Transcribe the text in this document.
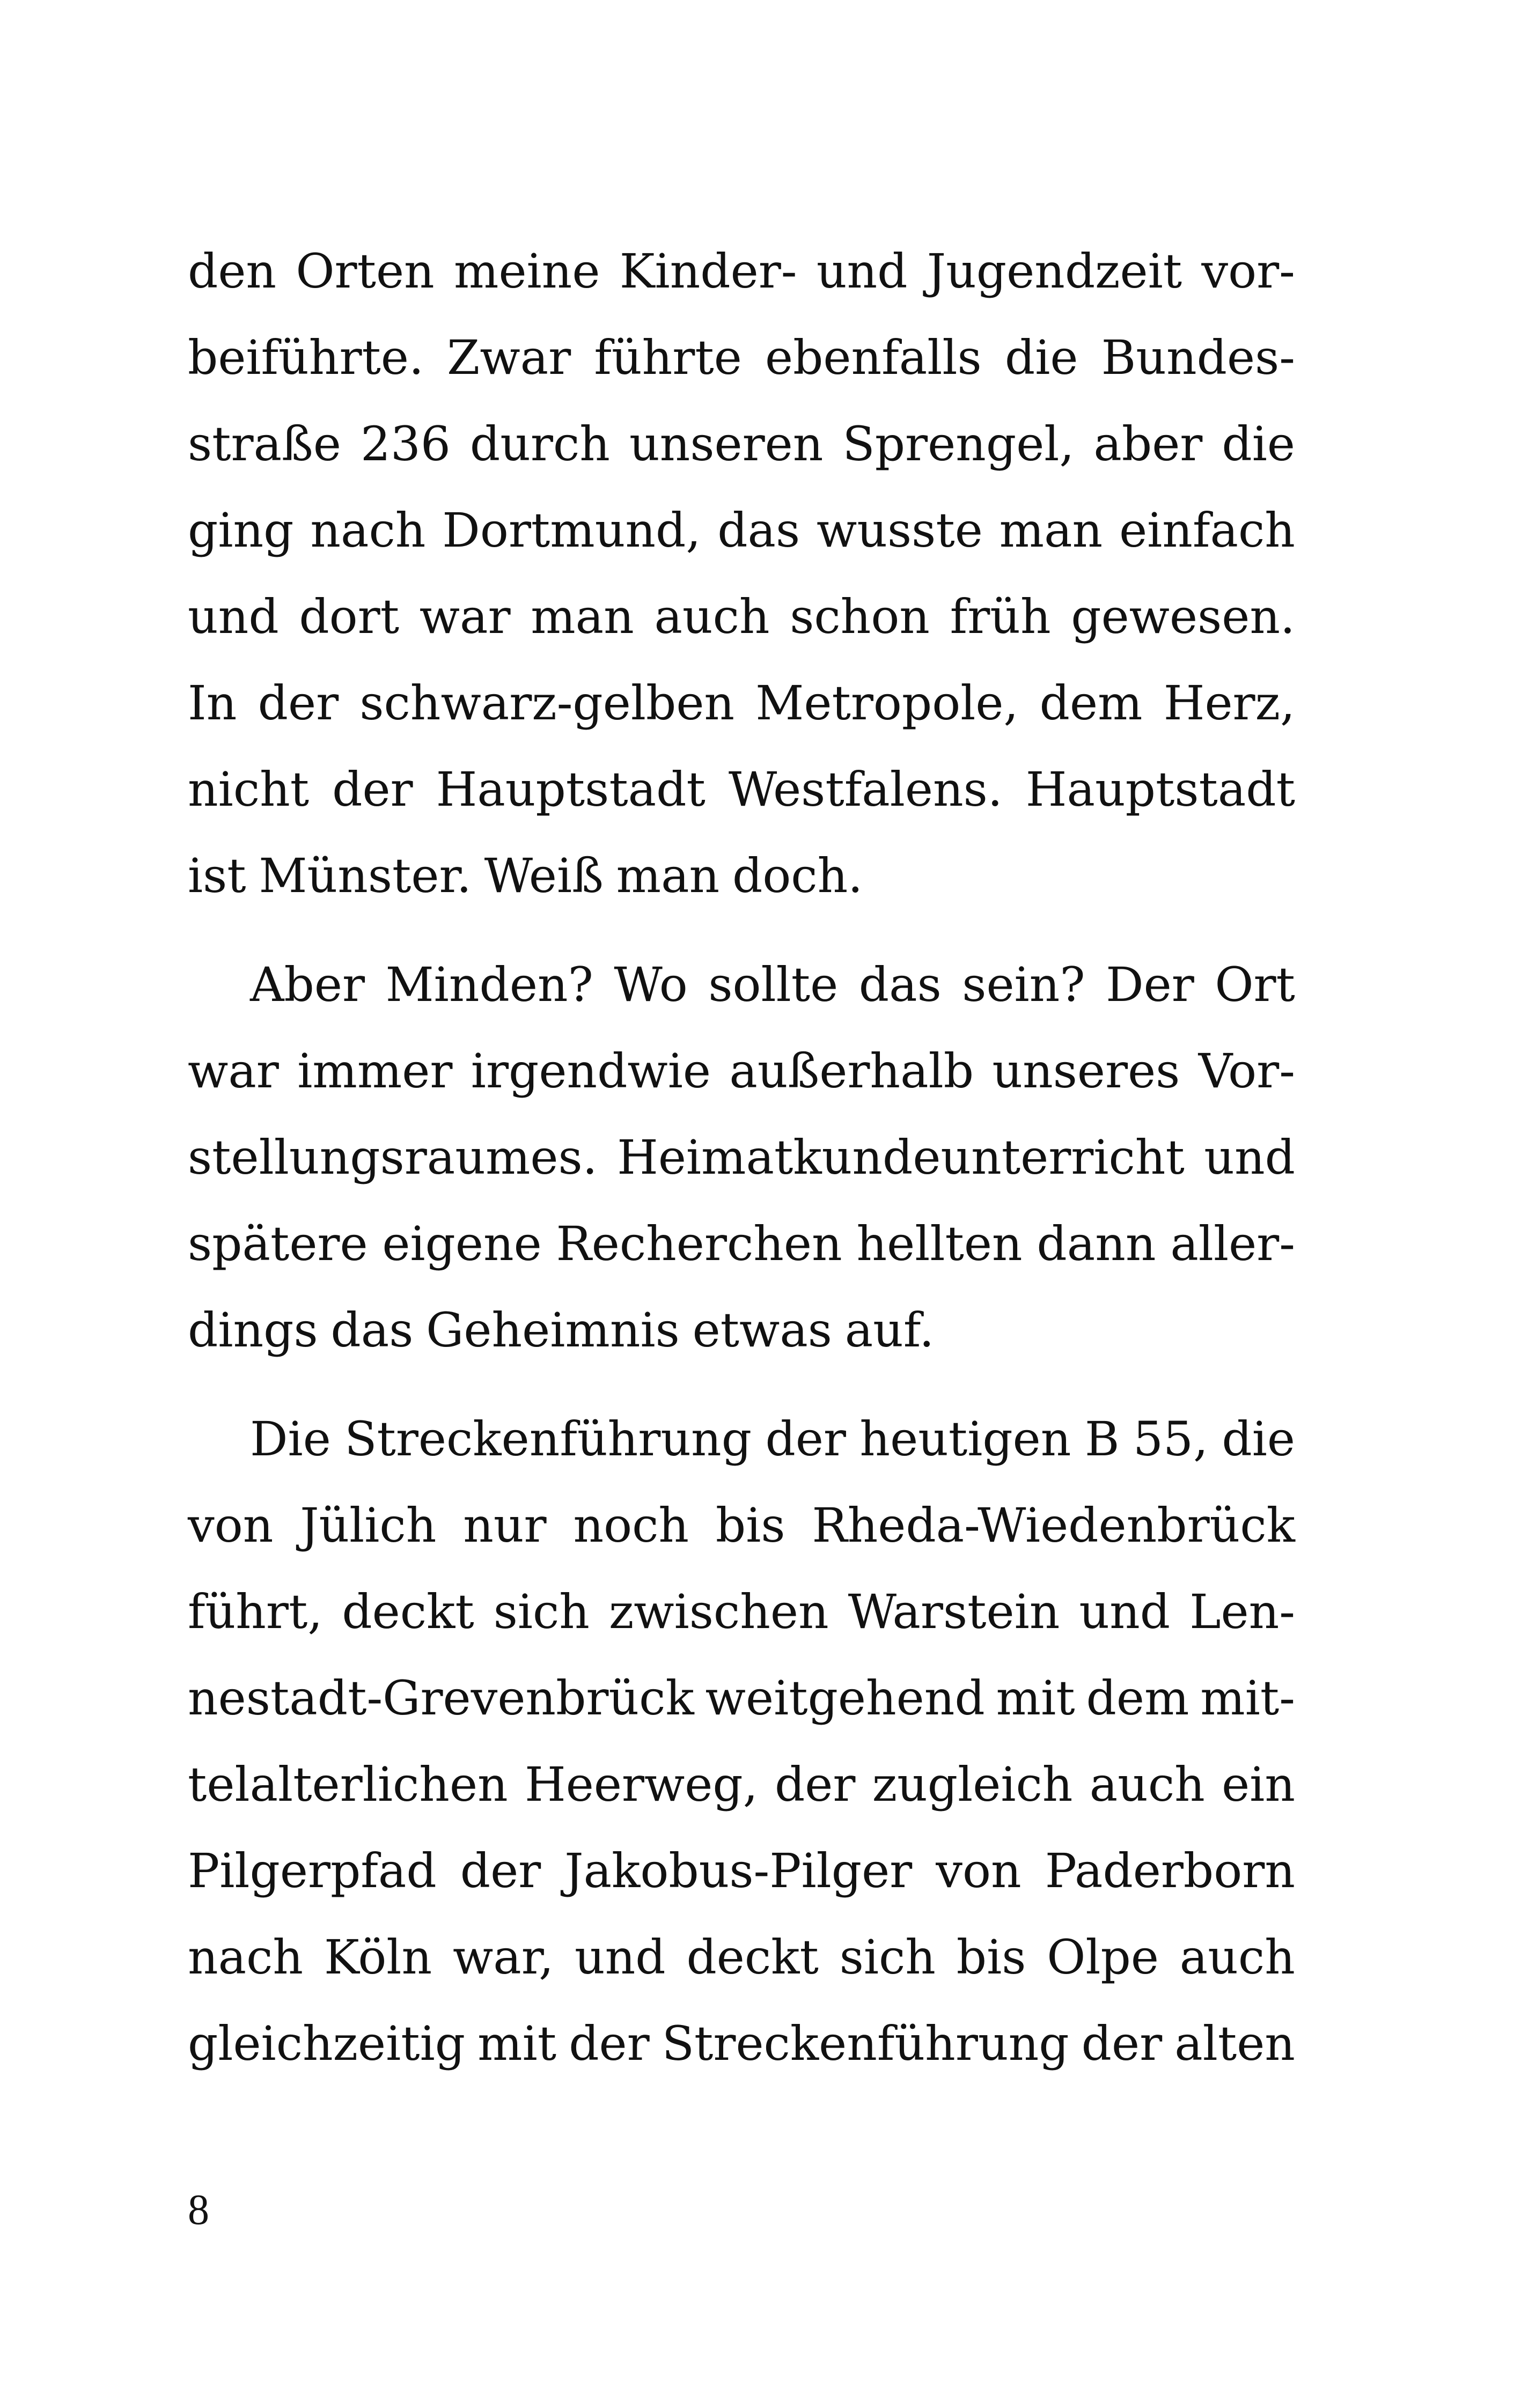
den Orten meine Kinder- und Jugendzeit vor-
beiführte. Zwar führte ebenfalls die Bundes-
straße 236 durch unseren Sprengel, aber die
ging nach Dortmund, das wusste man einfach
und dort war man auch schon früh gewesen.
In der schwarz-gelben Metropole, dem Herz,
nicht der Hauptstadt Westfalens. Hauptstadt
ist Münster. Weiß man doch.
Aber Minden? Wo sollte das sein? Der Ort
war immer irgendwie außerhalb unseres Vor-
stellungsraumes. Heimatkundeunterricht und
spätere eigene Recherchen hellten dann aller-
dings das Geheimnis etwas auf.
Die Streckenführung der heutigen B 55, die
von Jülich nur noch bis Rheda-Wiedenbrück
führt, deckt sich zwischen Warstein und Len-
nestadt-Grevenbrück weitgehend mit dem mit-
telalterlichen Heerweg, der zugleich auch ein
Pilgerpfad der Jakobus-Pilger von Paderborn
nach Köln war, und deckt sich bis Olpe auch
gleichzeitig mit der Streckenführung der alten
8
